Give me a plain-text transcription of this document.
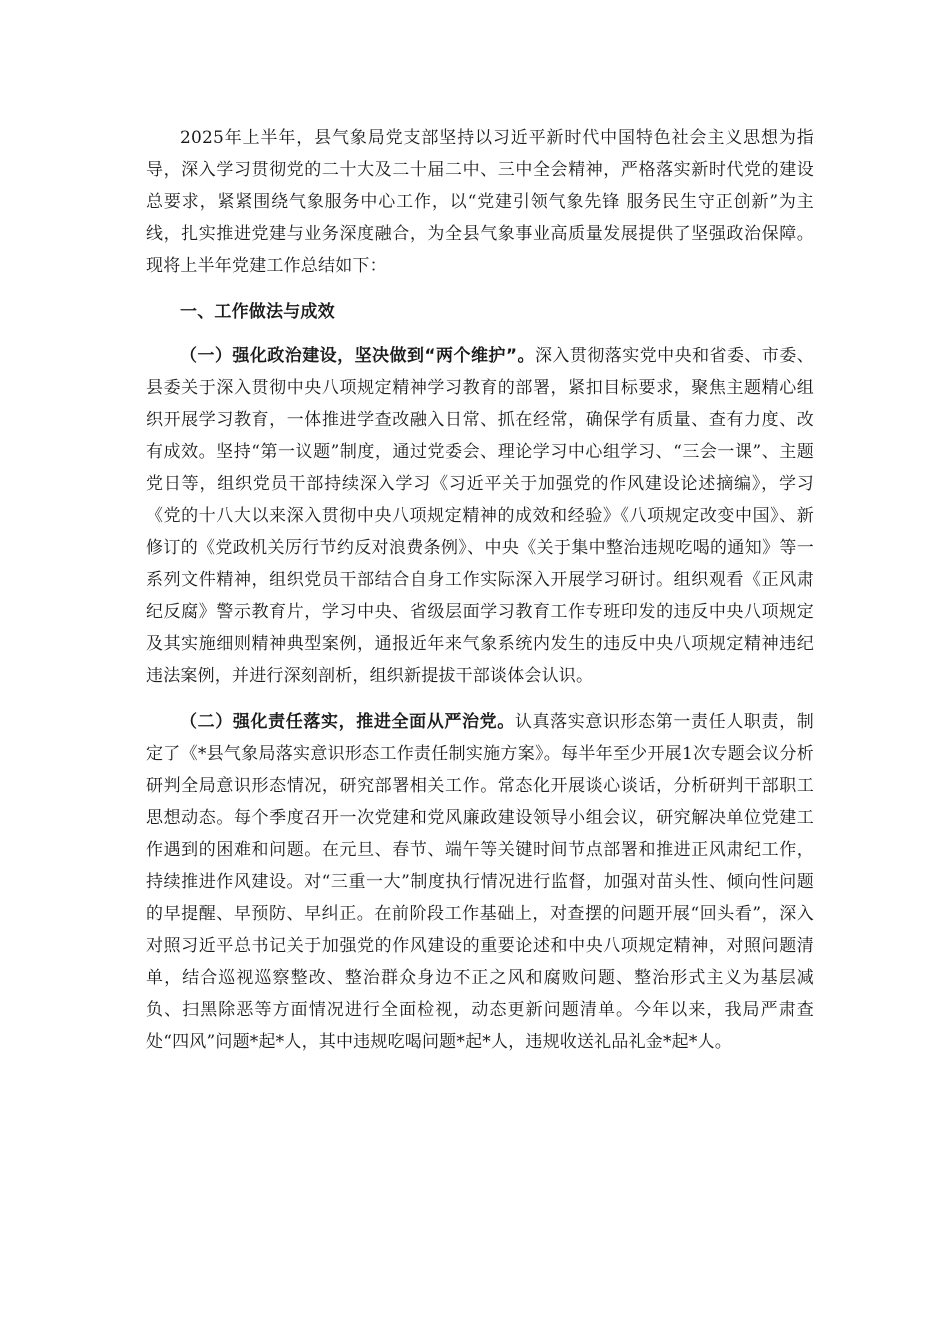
2025年上半年，县气象局党支部坚持以习近平新时代中国特色社会主义思想为指导，深入学习贯彻党的二十大及二十届二中、三中全会精神，严格落实新时代党的建设总要求，紧紧围绕气象服务中心工作，以“党建引领气象先锋 服务民生守正创新”为主线，扎实推进党建与业务深度融合，为全县气象事业高质量发展提供了坚强政治保障。现将上半年党建工作总结如下：

一、工作做法与成效

（一）强化政治建设，坚决做到“两个维护”。深入贯彻落实党中央和省委、市委、县委关于深入贯彻中央八项规定精神学习教育的部署，紧扣目标要求，聚焦主题精心组织开展学习教育，一体推进学查改融入日常、抓在经常，确保学有质量、查有力度、改有成效。坚持“第一议题”制度，通过党委会、理论学习中心组学习、“三会一课”、主题党日等，组织党员干部持续深入学习《习近平关于加强党的作风建设论述摘编》，学习《党的十八大以来深入贯彻中央八项规定精神的成效和经验》《八项规定改变中国》、新修订的《党政机关厉行节约反对浪费条例》、中央《关于集中整治违规吃喝的通知》等一系列文件精神，组织党员干部结合自身工作实际深入开展学习研讨。组织观看《正风肃纪反腐》警示教育片，学习中央、省级层面学习教育工作专班印发的违反中央八项规定及其实施细则精神典型案例，通报近年来气象系统内发生的违反中央八项规定精神违纪违法案例，并进行深刻剖析，组织新提拔干部谈体会认识。

（二）强化责任落实，推进全面从严治党。认真落实意识形态第一责任人职责，制定了《*县气象局落实意识形态工作责任制实施方案》。每半年至少开展1次专题会议分析研判全局意识形态情况，研究部署相关工作。常态化开展谈心谈话，分析研判干部职工思想动态。每个季度召开一次党建和党风廉政建设领导小组会议，研究解决单位党建工作遇到的困难和问题。在元旦、春节、端午等关键时间节点部署和推进正风肃纪工作，持续推进作风建设。对“三重一大”制度执行情况进行监督，加强对苗头性、倾向性问题的早提醒、早预防、早纠正。在前阶段工作基础上，对查摆的问题开展“回头看”，深入对照习近平总书记关于加强党的作风建设的重要论述和中央八项规定精神，对照问题清单，结合巡视巡察整改、整治群众身边不正之风和腐败问题、整治形式主义为基层减负、扫黑除恶等方面情况进行全面检视，动态更新问题清单。今年以来，我局严肃查处“四风”问题*起*人，其中违规吃喝问题*起*人，违规收送礼品礼金*起*人。
